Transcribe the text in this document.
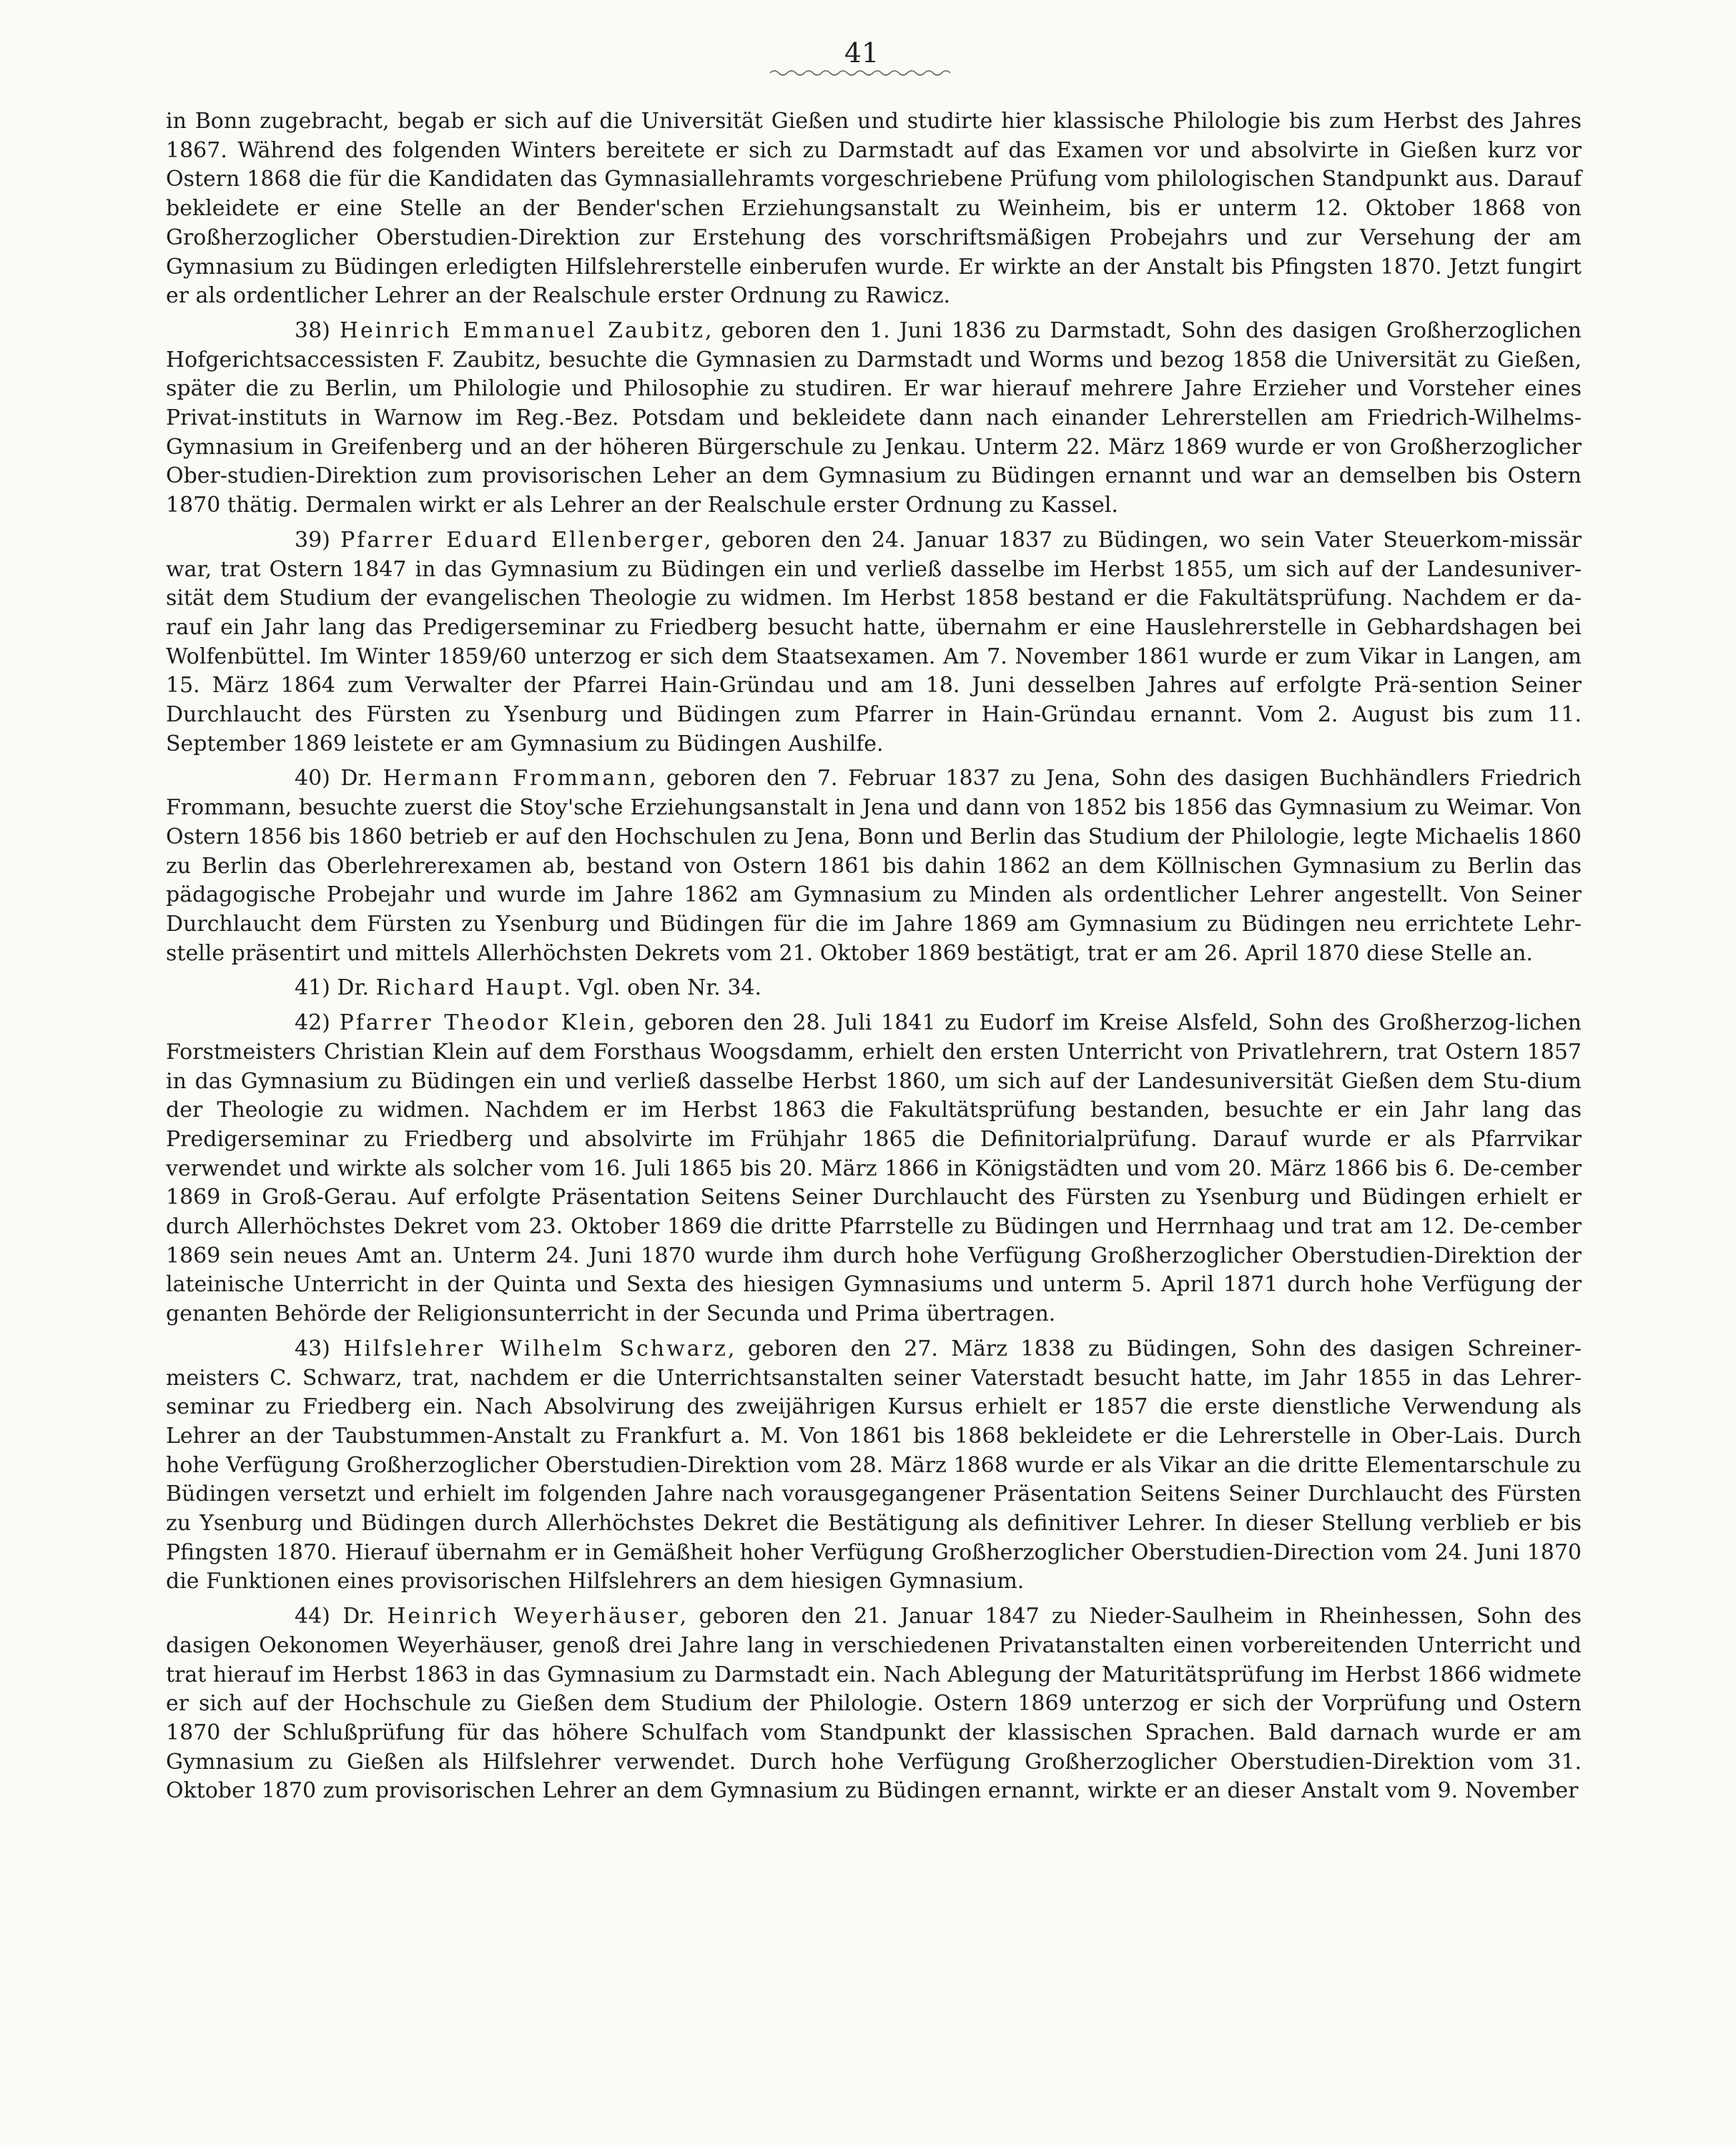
41

in Bonn zugebracht, begab er sich auf die Universität Gießen und studirte hier klassische Philologie bis zum Herbst des Jahres 1867. Während des folgenden Winters bereitete er sich zu Darmstadt auf das Examen vor und absolvirte in Gießen kurz vor Ostern 1868 die für die Kandidaten das Gymnasiallehramts vorgeschriebene Prüfung vom philologischen Standpunkt aus. Darauf bekleidete er eine Stelle an der Bender'schen Erziehungsanstalt zu Weinheim, bis er unterm 12. Oktober 1868 von Großherzoglicher Oberstudien-Direktion zur Erstehung des vorschriftsmäßigen Probejahrs und zur Versehung der am Gymnasium zu Büdingen erledigten Hilfslehrerstelle einberufen wurde. Er wirkte an der Anstalt bis Pfingsten 1870. Jetzt fungirt er als ordentlicher Lehrer an der Realschule erster Ordnung zu Rawicz.

38) Heinrich Emmanuel Zaubitz, geboren den 1. Juni 1836 zu Darmstadt, Sohn des dasigen Großherzoglichen Hofgerichtsaccessisten F. Zaubitz, besuchte die Gymnasien zu Darmstadt und Worms und bezog 1858 die Universität zu Gießen, später die zu Berlin, um Philologie und Philosophie zu studiren. Er war hierauf mehrere Jahre Erzieher und Vorsteher eines Privat-instituts in Warnow im Reg.-Bez. Potsdam und bekleidete dann nach einander Lehrerstellen am Friedrich-Wilhelms-Gymnasium in Greifenberg und an der höheren Bürgerschule zu Jenkau. Unterm 22. März 1869 wurde er von Großherzoglicher Ober-studien-Direktion zum provisorischen Leher an dem Gymnasium zu Büdingen ernannt und war an demselben bis Ostern 1870 thätig. Dermalen wirkt er als Lehrer an der Realschule erster Ordnung zu Kassel.

39) Pfarrer Eduard Ellenberger, geboren den 24. Januar 1837 zu Büdingen, wo sein Vater Steuerkom-missär war, trat Ostern 1847 in das Gymnasium zu Büdingen ein und verließ dasselbe im Herbst 1855, um sich auf der Landesuniver-sität dem Studium der evangelischen Theologie zu widmen. Im Herbst 1858 bestand er die Fakultätsprüfung. Nachdem er da-rauf ein Jahr lang das Predigerseminar zu Friedberg besucht hatte, übernahm er eine Hauslehrerstelle in Gebhardshagen bei Wolfenbüttel. Im Winter 1859/60 unterzog er sich dem Staatsexamen. Am 7. November 1861 wurde er zum Vikar in Langen, am 15. März 1864 zum Verwalter der Pfarrei Hain-Gründau und am 18. Juni desselben Jahres auf erfolgte Prä-sention Seiner Durchlaucht des Fürsten zu Ysenburg und Büdingen zum Pfarrer in Hain-Gründau ernannt. Vom 2. August bis zum 11. September 1869 leistete er am Gymnasium zu Büdingen Aushilfe.

40) Dr. Hermann Frommann, geboren den 7. Februar 1837 zu Jena, Sohn des dasigen Buchhändlers Friedrich Frommann, besuchte zuerst die Stoy'sche Erziehungsanstalt in Jena und dann von 1852 bis 1856 das Gymnasium zu Weimar. Von Ostern 1856 bis 1860 betrieb er auf den Hochschulen zu Jena, Bonn und Berlin das Studium der Philologie, legte Michaelis 1860 zu Berlin das Oberlehrerexamen ab, bestand von Ostern 1861 bis dahin 1862 an dem Köllnischen Gymnasium zu Berlin das pädagogische Probejahr und wurde im Jahre 1862 am Gymnasium zu Minden als ordentlicher Lehrer angestellt. Von Seiner Durchlaucht dem Fürsten zu Ysenburg und Büdingen für die im Jahre 1869 am Gymnasium zu Büdingen neu errichtete Lehr-stelle präsentirt und mittels Allerhöchsten Dekrets vom 21. Oktober 1869 bestätigt, trat er am 26. April 1870 diese Stelle an.

41) Dr. Richard Haupt. Vgl. oben Nr. 34.

42) Pfarrer Theodor Klein, geboren den 28. Juli 1841 zu Eudorf im Kreise Alsfeld, Sohn des Großherzog-lichen Forstmeisters Christian Klein auf dem Forsthaus Woogsdamm, erhielt den ersten Unterricht von Privatlehrern, trat Ostern 1857 in das Gymnasium zu Büdingen ein und verließ dasselbe Herbst 1860, um sich auf der Landesuniversität Gießen dem Stu-dium der Theologie zu widmen. Nachdem er im Herbst 1863 die Fakultätsprüfung bestanden, besuchte er ein Jahr lang das Predigerseminar zu Friedberg und absolvirte im Frühjahr 1865 die Definitorialprüfung. Darauf wurde er als Pfarrvikar verwendet und wirkte als solcher vom 16. Juli 1865 bis 20. März 1866 in Königstädten und vom 20. März 1866 bis 6. De-cember 1869 in Groß-Gerau. Auf erfolgte Präsentation Seitens Seiner Durchlaucht des Fürsten zu Ysenburg und Büdingen erhielt er durch Allerhöchstes Dekret vom 23. Oktober 1869 die dritte Pfarrstelle zu Büdingen und Herrnhaag und trat am 12. De-cember 1869 sein neues Amt an. Unterm 24. Juni 1870 wurde ihm durch hohe Verfügung Großherzoglicher Oberstudien-Direktion der lateinische Unterricht in der Quinta und Sexta des hiesigen Gymnasiums und unterm 5. April 1871 durch hohe Verfügung der genanten Behörde der Religionsunterricht in der Secunda und Prima übertragen.

43) Hilfslehrer Wilhelm Schwarz, geboren den 27. März 1838 zu Büdingen, Sohn des dasigen Schreiner-meisters C. Schwarz, trat, nachdem er die Unterrichtsanstalten seiner Vaterstadt besucht hatte, im Jahr 1855 in das Lehrer-seminar zu Friedberg ein. Nach Absolvirung des zweijährigen Kursus erhielt er 1857 die erste dienstliche Verwendung als Lehrer an der Taubstummen-Anstalt zu Frankfurt a. M. Von 1861 bis 1868 bekleidete er die Lehrerstelle in Ober-Lais. Durch hohe Verfügung Großherzoglicher Oberstudien-Direktion vom 28. März 1868 wurde er als Vikar an die dritte Elementarschule zu Büdingen versetzt und erhielt im folgenden Jahre nach vorausgegangener Präsentation Seitens Seiner Durchlaucht des Fürsten zu Ysenburg und Büdingen durch Allerhöchstes Dekret die Bestätigung als definitiver Lehrer. In dieser Stellung verblieb er bis Pfingsten 1870. Hierauf übernahm er in Gemäßheit hoher Verfügung Großherzoglicher Oberstudien-Direction vom 24. Juni 1870 die Funktionen eines provisorischen Hilfslehrers an dem hiesigen Gymnasium.

44) Dr. Heinrich Weyerhäuser, geboren den 21. Januar 1847 zu Nieder-Saulheim in Rheinhessen, Sohn des dasigen Oekonomen Weyerhäuser, genoß drei Jahre lang in verschiedenen Privatanstalten einen vorbereitenden Unterricht und trat hierauf im Herbst 1863 in das Gymnasium zu Darmstadt ein. Nach Ablegung der Maturitätsprüfung im Herbst 1866 widmete er sich auf der Hochschule zu Gießen dem Studium der Philologie. Ostern 1869 unterzog er sich der Vorprüfung und Ostern 1870 der Schlußprüfung für das höhere Schulfach vom Standpunkt der klassischen Sprachen. Bald darnach wurde er am Gymnasium zu Gießen als Hilfslehrer verwendet. Durch hohe Verfügung Großherzoglicher Oberstudien-Direktion vom 31. Oktober 1870 zum provisorischen Lehrer an dem Gymnasium zu Büdingen ernannt, wirkte er an dieser Anstalt vom 9. November
